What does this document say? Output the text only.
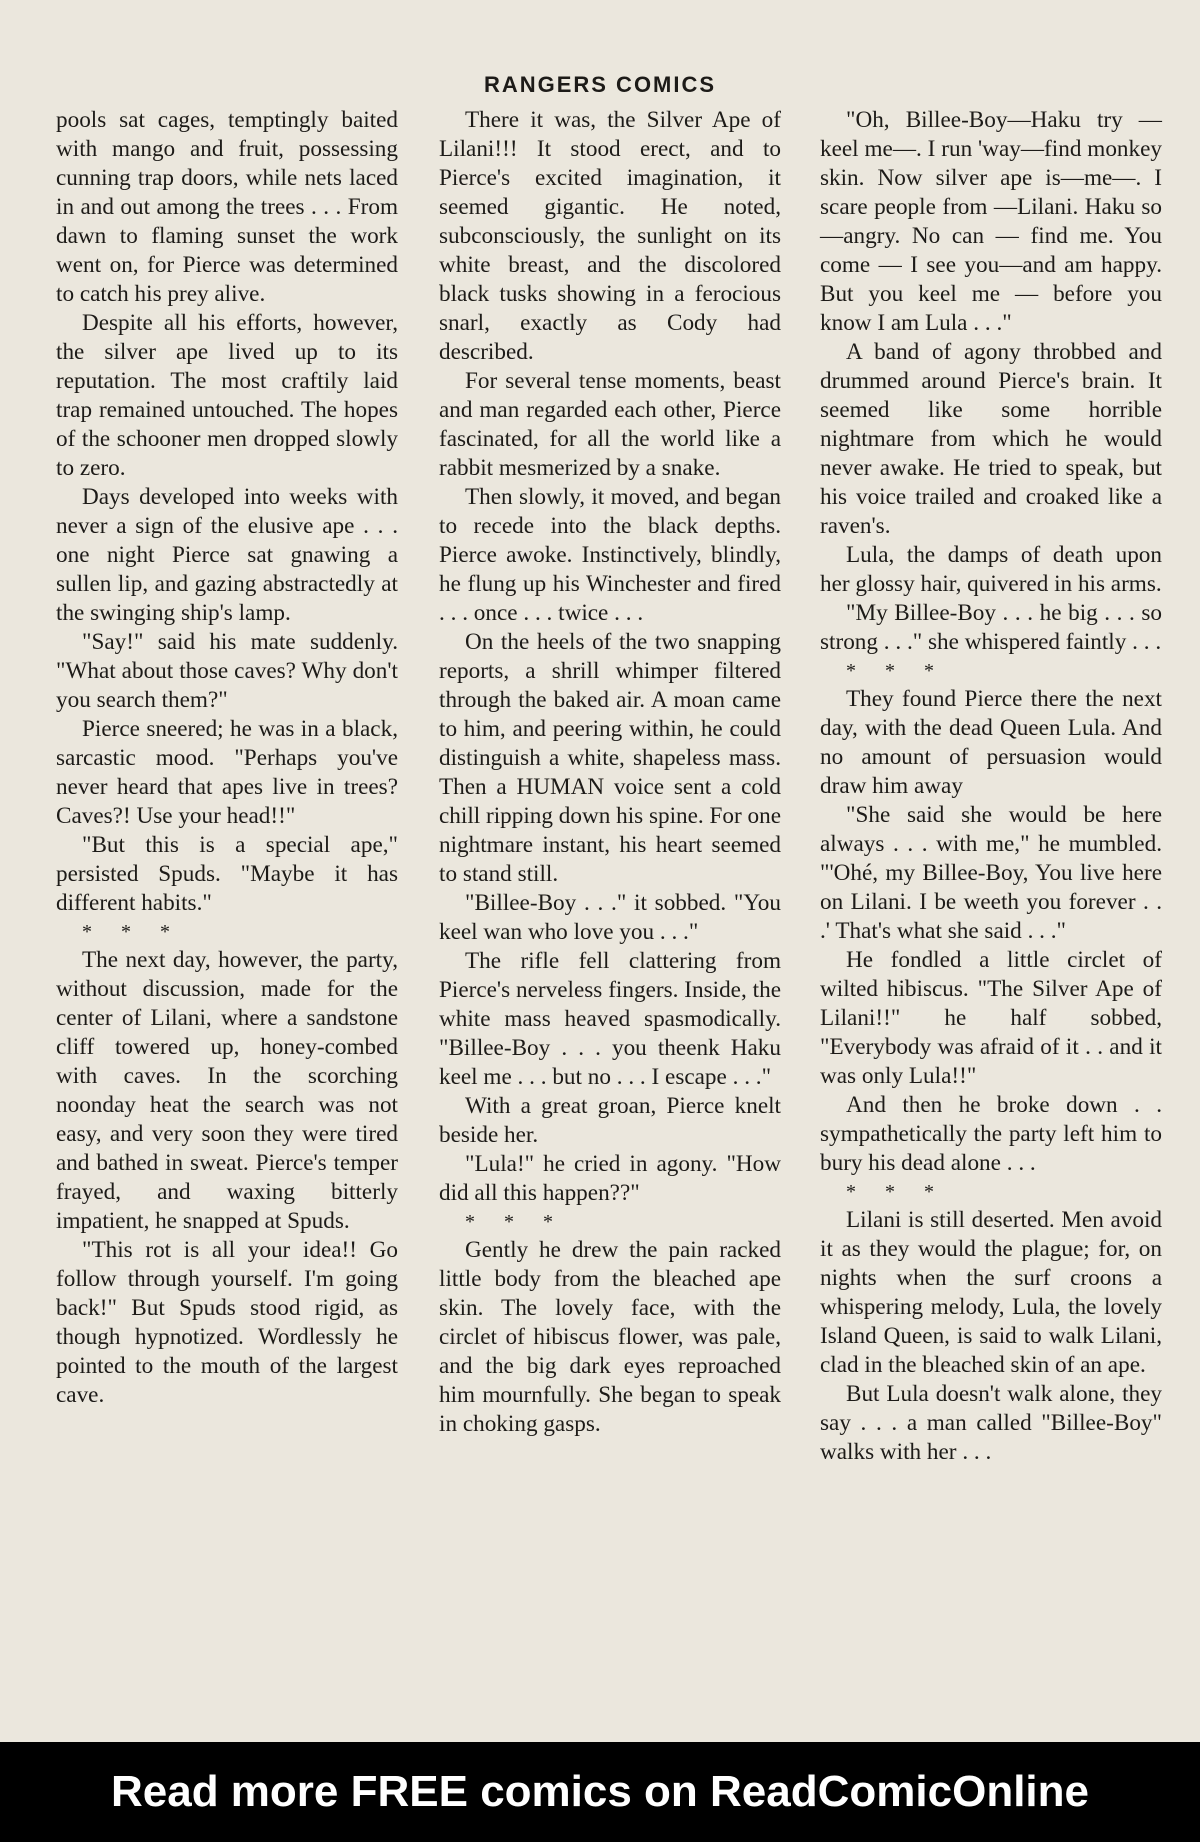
RANGERS COMICS

pools sat cages, temptingly baited with mango and fruit, possessing cunning trap doors, while nets laced in and out among the trees . . . From dawn to flaming sunset the work went on, for Pierce was determined to catch his prey alive.

Despite all his efforts, however, the silver ape lived up to its reputation. The most craftily laid trap remained untouched. The hopes of the schooner men dropped slowly to zero.

Days developed into weeks with never a sign of the elusive ape . . . one night Pierce sat gnawing a sullen lip, and gazing abstractedly at the swinging ship's lamp.

"Say!" said his mate suddenly. "What about those caves? Why don't you search them?"

Pierce sneered; he was in a black, sarcastic mood. "Perhaps you've never heard that apes live in trees? Caves?! Use your head!!"

"But this is a special ape," persisted Spuds. "Maybe it has different habits."

* * *

The next day, however, the party, without discussion, made for the center of Lilani, where a sandstone cliff towered up, honey-combed with caves. In the scorching noonday heat the search was not easy, and very soon they were tired and bathed in sweat. Pierce's temper frayed, and waxing bitterly impatient, he snapped at Spuds.

"This rot is all your idea!! Go follow through yourself. I'm going back!" But Spuds stood rigid, as though hypnotized. Wordlessly he pointed to the mouth of the largest cave.

There it was, the Silver Ape of Lilani!!! It stood erect, and to Pierce's excited imagination, it seemed gigantic. He noted, subconsciously, the sunlight on its white breast, and the discolored black tusks showing in a ferocious snarl, exactly as Cody had described.

For several tense moments, beast and man regarded each other, Pierce fascinated, for all the world like a rabbit mesmerized by a snake.

Then slowly, it moved, and began to recede into the black depths. Pierce awoke. Instinctively, blindly, he flung up his Winchester and fired . . . once . . . twice . . .

On the heels of the two snapping reports, a shrill whimper filtered through the baked air. A moan came to him, and peering within, he could distinguish a white, shapeless mass. Then a HUMAN voice sent a cold chill ripping down his spine. For one nightmare instant, his heart seemed to stand still.

"Billee-Boy . . ." it sobbed. "You keel wan who love you . . ."

The rifle fell clattering from Pierce's nerveless fingers. Inside, the white mass heaved spasmodically. "Billee-Boy . . . you theenk Haku keel me . . . but no . . . I escape . . ."

With a great groan, Pierce knelt beside her.

"Lula!" he cried in agony. "How did all this happen??"

* * *

Gently he drew the pain racked little body from the bleached ape skin. The lovely face, with the circlet of hibiscus flower, was pale, and the big dark eyes reproached him mournfully. She began to speak in choking gasps.

"Oh, Billee-Boy—Haku try —keel me—. I run 'way—find monkey skin. Now silver ape is—me—. I scare people from —Lilani. Haku so—angry. No can — find me. You come — I see you—and am happy. But you keel me — before you know I am Lula . . ."

A band of agony throbbed and drummed around Pierce's brain. It seemed like some horrible nightmare from which he would never awake. He tried to speak, but his voice trailed and croaked like a raven's.

Lula, the damps of death upon her glossy hair, quivered in his arms.

"My Billee-Boy . . . he big . . . so strong . . ." she whispered faintly . . .

* * *

They found Pierce there the next day, with the dead Queen Lula. And no amount of persuasion would draw him away

"She said she would be here always . . . with me," he mumbled. "'Ohé, my Billee-Boy, You live here on Lilani. I be weeth you forever . . .' That's what she said . . ."

He fondled a little circlet of wilted hibiscus. "The Silver Ape of Lilani!!" he half sobbed, "Everybody was afraid of it . . and it was only Lula!!"

And then he broke down . . sympathetically the party left him to bury his dead alone . . .

* * *

Lilani is still deserted. Men avoid it as they would the plague; for, on nights when the surf croons a whispering melody, Lula, the lovely Island Queen, is said to walk Lilani, clad in the bleached skin of an ape.

But Lula doesn't walk alone, they say . . . a man called "Billee-Boy" walks with her . . .

Read more FREE comics on ReadComicOnline
